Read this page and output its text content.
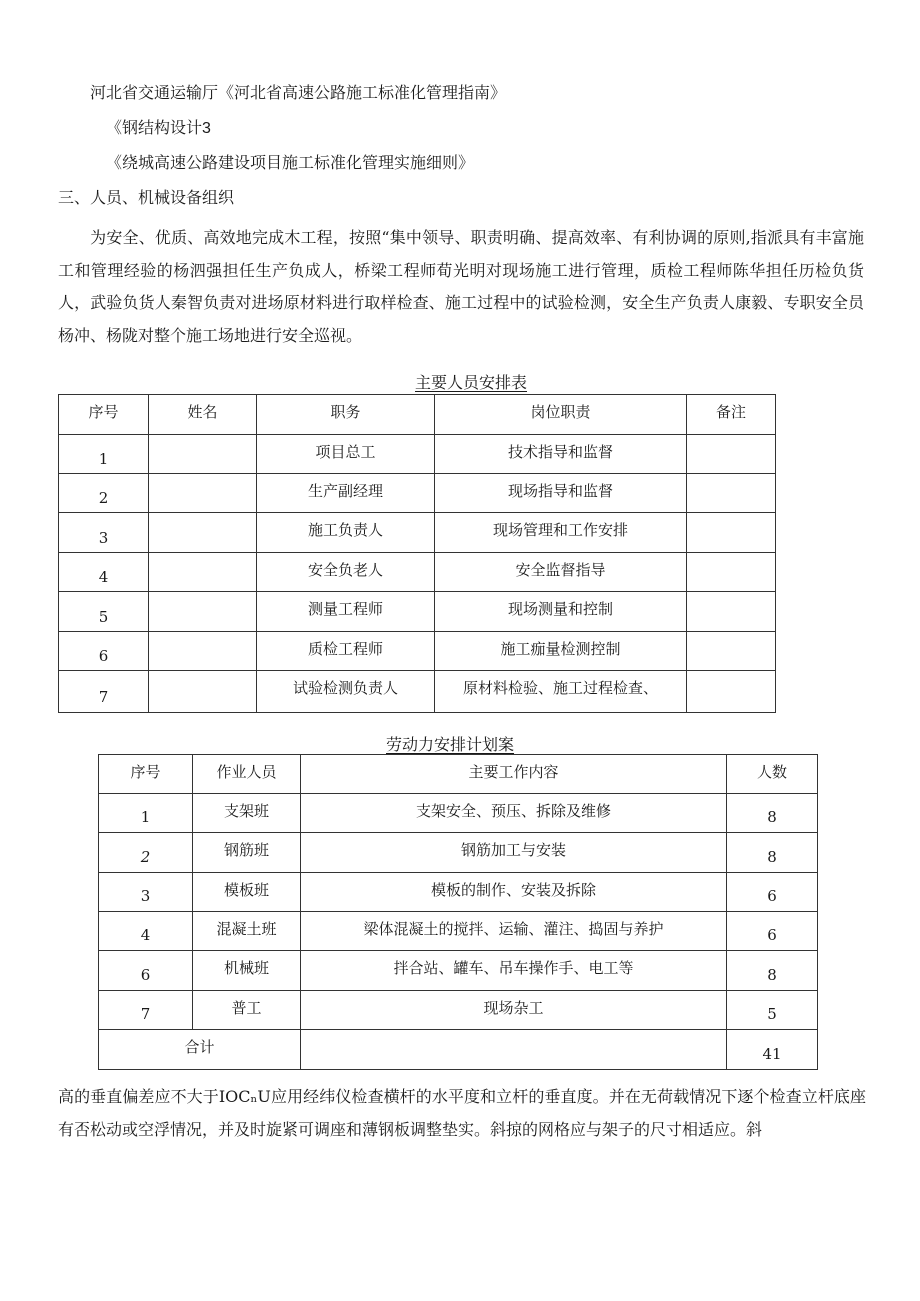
河北省交通运输厅《河北省高速公路施工标准化管理指南》
《钢结构设计3
《绕城高速公路建设项目施工标准化管理实施细则》
三、人员、机械设备组织
为安全、优质、高效地完成木工程，按照“集中领导、职责明确、提高效率、有利协调的原则,指派具有丰富施工和管理经验的杨泗强担任生产负成人，桥梁工程师荀光明对现场施工进行管理，质检工程师陈华担任历检负货人，武验负货人秦智负责对进场原材料进行取样检查、施工过程中的试验检测，安全生产负责人康毅、专职安全员杨冲、杨陇对整个施工场地进行安全巡视。
主要人员安排表
序号	姓名	职务	岗位职责	备注
1		项目总工	技术指导和监督	
2		生产副经理	现场指导和监督	
3		施工负责人	现场管理和工作安排	
4		安全负老人	安全监督指导	
5		测量工程师	现场测量和控制	
6		质检工程师	施工痂量检测控制	
7		试验检测负责人	原材料检验、施工过程检查、	
劳动力安排计划案
序号	作业人员	主要工作内容	人数
1	支架班	支架安全、预压、拆除及维修	8
2	钢筋班	钢筋加工与安装	8
3	模板班	模板的制作、安装及拆除	6
4	混凝土班	梁体混凝土的搅拌、运输、灌注、捣固与养护	6
6	机械班	拌合站、罐车、吊车操作手、电工等	8
7	普工	现场杂工	5
合计			41
高的垂直偏差应不大于IOCₙU应用经纬仪检查横杆的水平度和立杆的垂直度。并在无荷载情况下逐个检查立杆底座有否松动或空浮情况，并及时旋紧可调座和薄钢板调整垫实。斜掠的网格应与架子的尺寸相适应。斜
